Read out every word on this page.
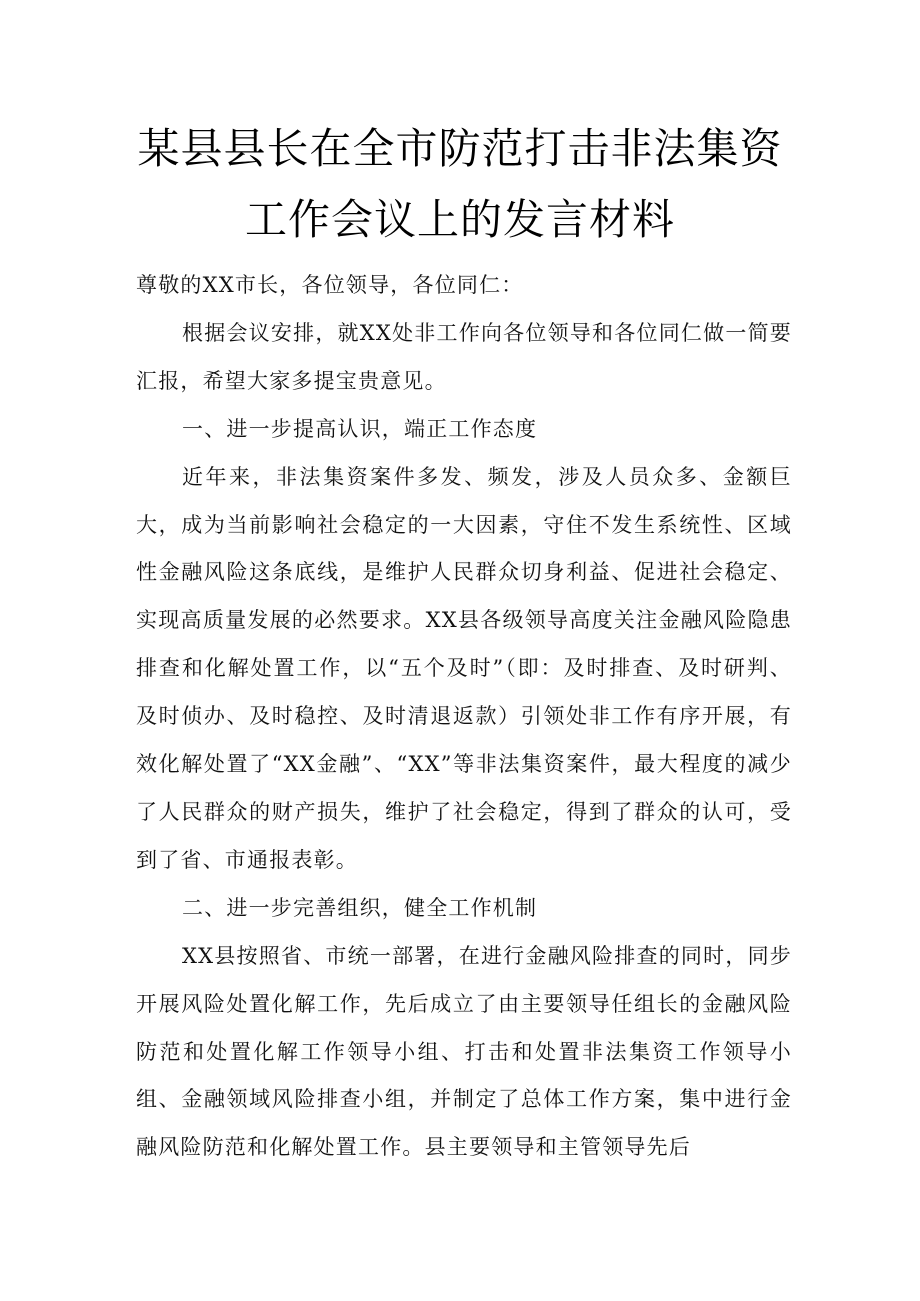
某县县长在全市防范打击非法集资
工作会议上的发言材料

尊敬的XX市长，各位领导，各位同仁：

根据会议安排，就XX处非工作向各位领导和各位同仁做一简要汇报，希望大家多提宝贵意见。

一、进一步提高认识，端正工作态度

近年来，非法集资案件多发、频发，涉及人员众多、金额巨大，成为当前影响社会稳定的一大因素，守住不发生系统性、区域性金融风险这条底线，是维护人民群众切身利益、促进社会稳定、实现高质量发展的必然要求。XX县各级领导高度关注金融风险隐患排查和化解处置工作，以“五个及时”（即：及时排查、及时研判、及时侦办、及时稳控、及时清退返款）引领处非工作有序开展，有效化解处置了“XX金融”、“XX”等非法集资案件，最大程度的减少了人民群众的财产损失，维护了社会稳定，得到了群众的认可，受到了省、市通报表彰。

二、进一步完善组织，健全工作机制

XX县按照省、市统一部署，在进行金融风险排查的同时，同步开展风险处置化解工作，先后成立了由主要领导任组长的金融风险防范和处置化解工作领导小组、打击和处置非法集资工作领导小组、金融领域风险排查小组，并制定了总体工作方案，集中进行金融风险防范和化解处置工作。县主要领导和主管领导先后
